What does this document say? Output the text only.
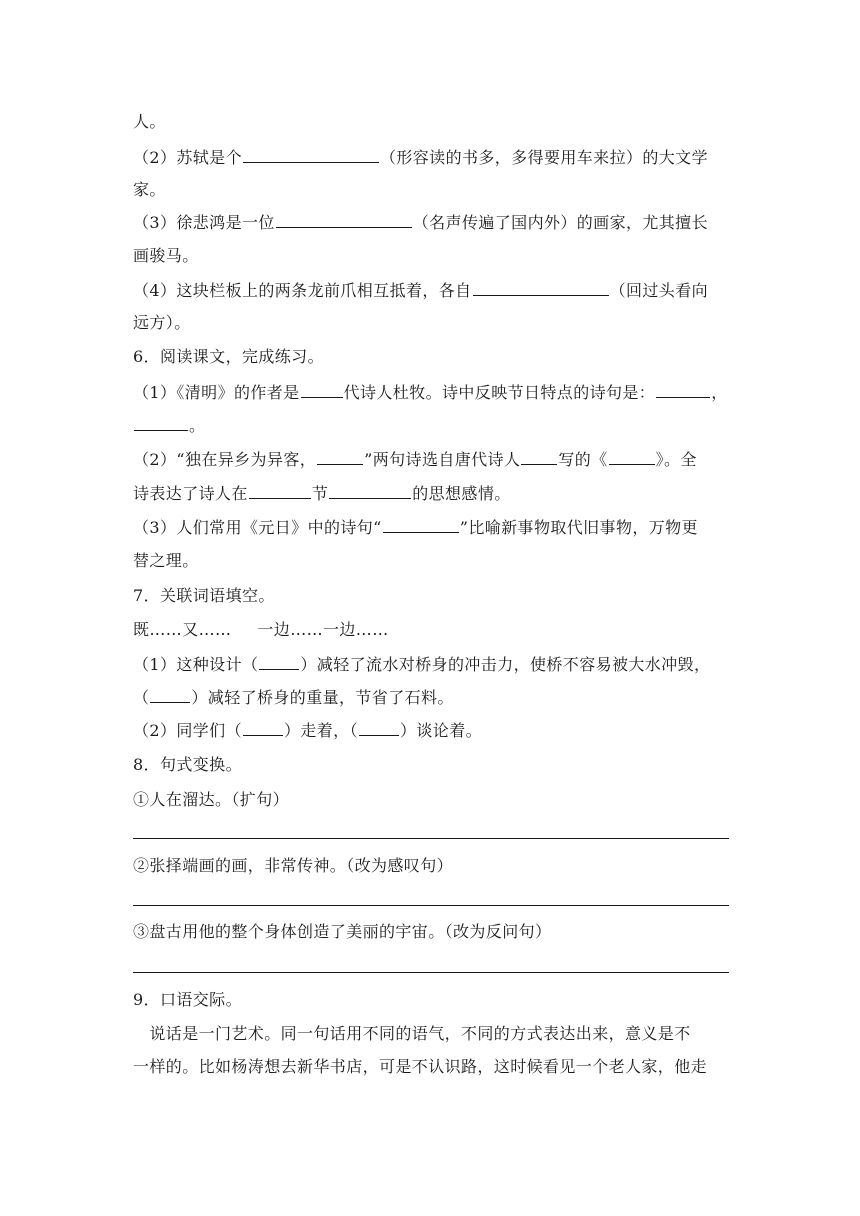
人。
（2）苏轼是个	（形容读的书多，多得要用车来拉）的大文学
家。
（3）徐悲鸿是一位	（名声传遍了国内外）的画家，尤其擅长
画骏马。
（4）这块栏板上的两条龙前爪相互抵着，各自	（回过头看向
远方）。
6．阅读课文，完成练习。
（1）《清明》的作者是	代诗人杜牧。诗中反映节日特点的诗句是：	，
。
（2）“独在异乡为异客，	”两句诗选自唐代诗人 写的《	》。全
诗表达了诗人在	节	的思想感情。
（3）人们常用《元日》中的诗句“	”比喻新事物取代旧事物，万物更
替之理。
7．关联词语填空。
既……又…… 一边……一边……
（1）这种设计（	）减轻了流水对桥身的冲击力，使桥不容易被大水冲毁，
（	）减轻了桥身的重量，节省了石料。
（2）同学们（	）走着，（	）谈论着。
8．句式变换。
①人在溜达。（扩句）
②张择端画的画，非常传神。（改为感叹句）
③盘古用他的整个身体创造了美丽的宇宙。（改为反问句）
9．口语交际。
　说话是一门艺术。同一句话用不同的语气，不同的方式表达出来，意义是不
一样的。比如杨涛想去新华书店，可是不认识路，这时候看见一个老人家，他走
